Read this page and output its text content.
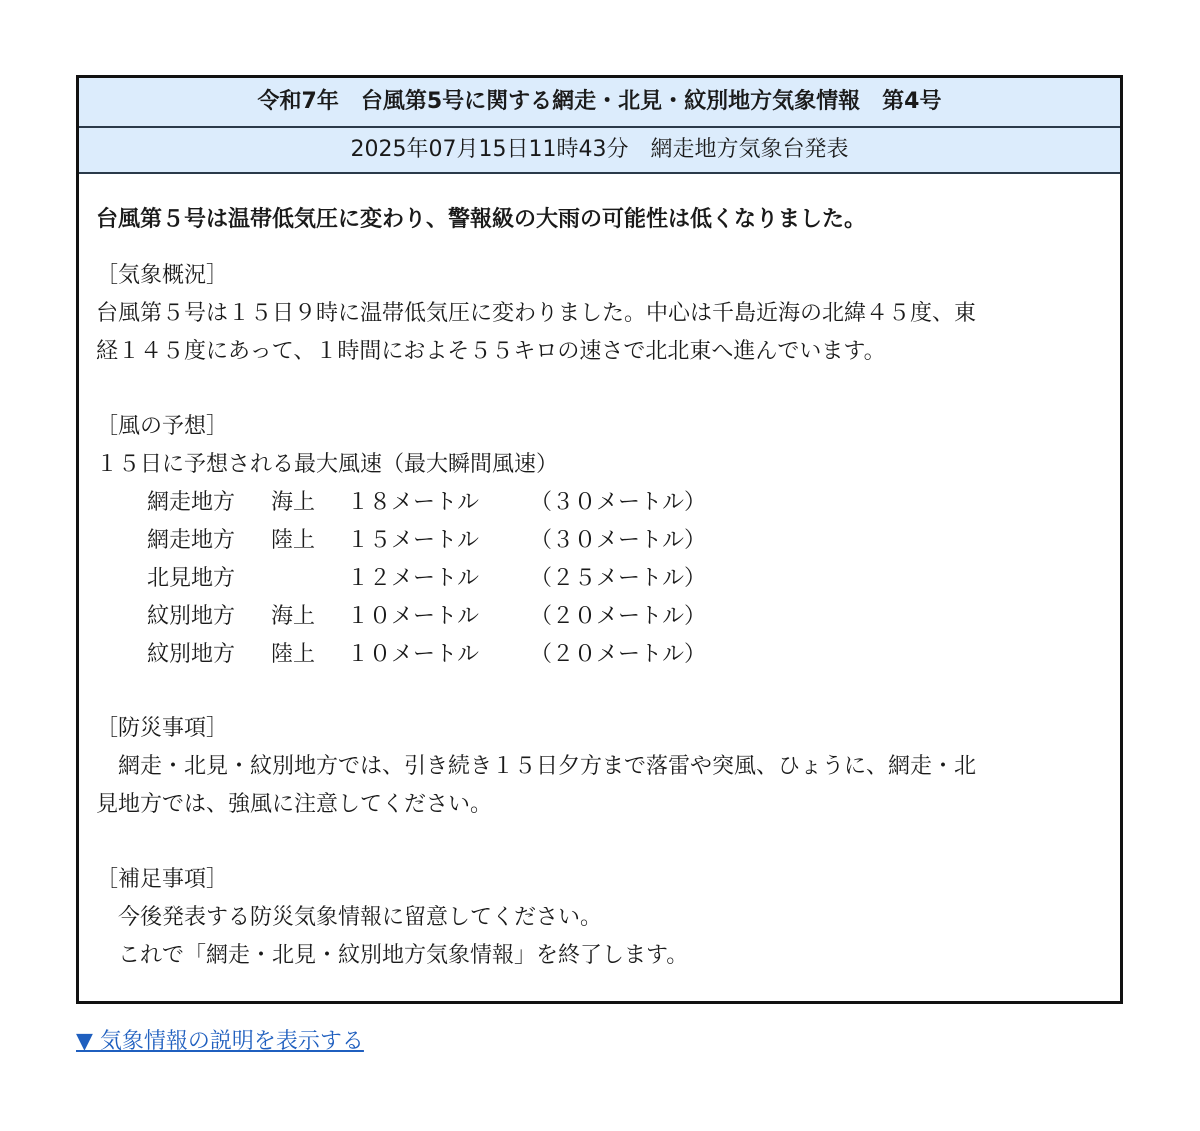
令和7年　台風第5号に関する網走・北見・紋別地方気象情報　第4号
2025年07月15日11時43分　網走地方気象台発表
台風第５号は温帯低気圧に変わり、警報級の大雨の可能性は低くなりました。
［気象概況］
台風第５号は１５日９時に温帯低気圧に変わりました。中心は千島近海の北緯４５度、東
経１４５度にあって、１時間におよそ５５キロの速さで北北東へ進んでいます。
［風の予想］
１５日に予想される最大風速（最大瞬間風速）

網走地方

海上

１８メートル

（３０メートル）

網走地方

陸上

１５メートル

（３０メートル）

北見地方

	１２メートル

（２５メートル）

紋別地方

海上

１０メートル

（２０メートル）

紋別地方

陸上

１０メートル

（２０メートル）

［防災事項］
　網走・北見・紋別地方では、引き続き１５日夕方まで落雷や突風、ひょうに、網走・北
見地方では、強風に注意してください。
［補足事項］
　今後発表する防災気象情報に留意してください。
　これで「網走・北見・紋別地方気象情報」を終了します。
▼ 気象情報の説明を表示する
